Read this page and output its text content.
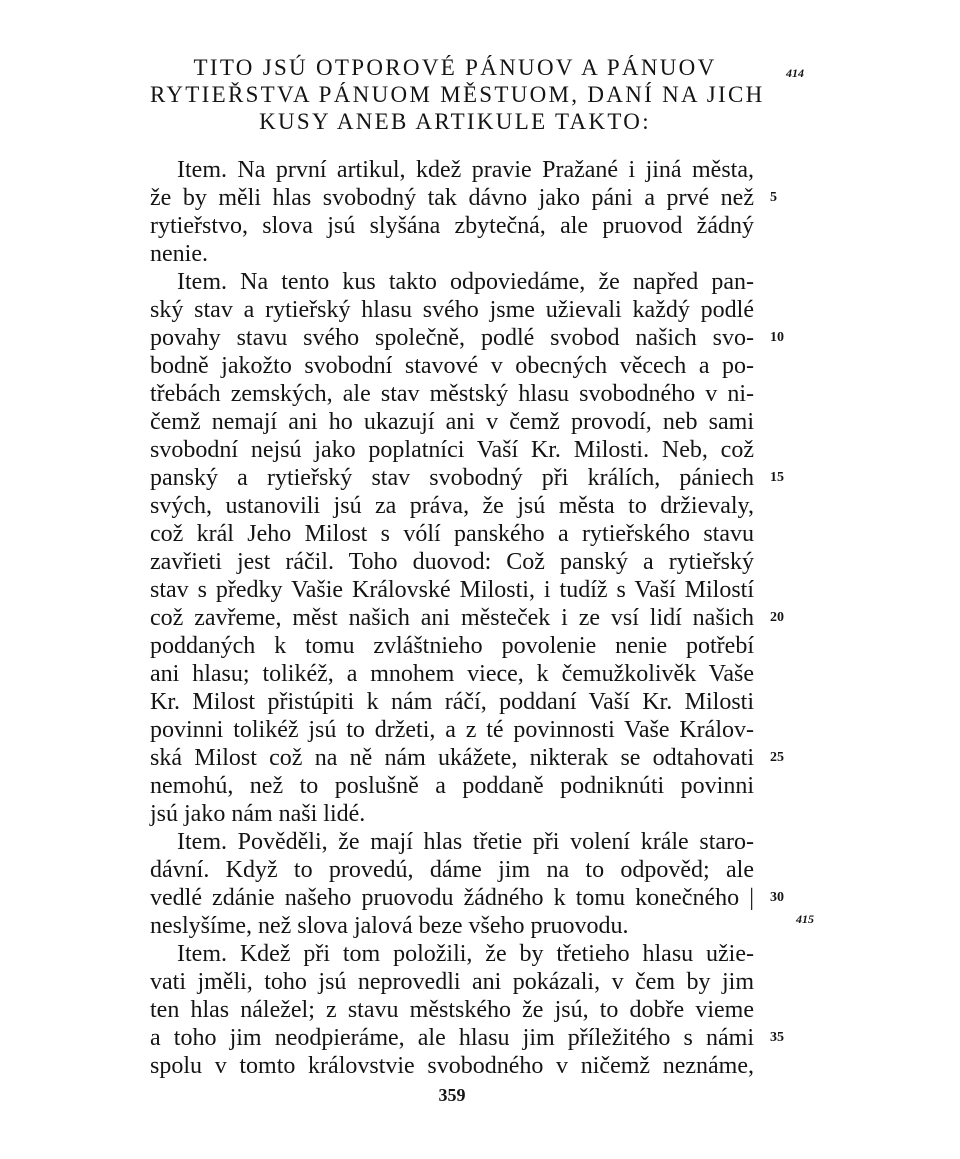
TITO JSÚ OTPOROVÉ PÁNUOV A PÁNUOV
RYTIEŘSTVA PÁNUOM MĚSTUOM, DANÍ NA JICH
KUSY ANEB ARTIKULE TAKTO:
414
Item. Na první artikul, kdež pravie Pražané i jiná města,
že by měli hlas svobodný tak dávno jako páni a prvé než
rytieřstvo, slova jsú slyšána zbytečná, ale pruovod žádný
nenie.
Item. Na tento kus takto odpoviedáme, že napřed pan-
ský stav a rytieřský hlasu svého jsme užievali každý podlé
povahy stavu svého společně, podlé svobod našich svo-
bodně jakožto svobodní stavové v obecných věcech a po-
třebách zemských, ale stav městský hlasu svobodného v ni-
čemž nemají ani ho ukazují ani v čemž provodí, neb sami
svobodní nejsú jako poplatníci Vaší Kr. Milosti. Neb, což
panský a rytieřský stav svobodný při králích, pániech
svých, ustanovili jsú za práva, že jsú města to držievaly,
což král Jeho Milost s vólí panského a rytieřského stavu
zavřieti jest ráčil. Toho duovod: Což panský a rytieřský
stav s předky Vašie Královské Milosti, i tudíž s Vaší Milostí
což zavřeme, měst našich ani městeček i ze vsí lidí našich
poddaných k tomu zvláštnieho povolenie nenie potřebí
ani hlasu; tolikéž, a mnohem viece, k čemužkolivěk Vaše
Kr. Milost přistúpiti k nám ráčí, poddaní Vaší Kr. Milosti
povinni tolikéž jsú to držeti, a z té povinnosti Vaše Králov-
ská Milost což na ně nám ukážete, nikterak se odtahovati
nemohú, než to poslušně a poddaně podniknúti povinni
jsú jako nám naši lidé.
Item. Pověděli, že mají hlas třetie při volení krále staro-
dávní. Když to provedú, dáme jim na to odpověd; ale
vedlé zdánie našeho pruovodu žádného k tomu konečného |
neslyšíme, než slova jalová beze všeho pruovodu.
Item. Kdež při tom položili, že by třetieho hlasu užie-
vati jměli, toho jsú neprovedli ani pokázali, v čem by jim
ten hlas náležel; z stavu městského že jsú, to dobře vieme
a toho jim neodpieráme, ale hlasu jim příležitého s námi
spolu v tomto královstvie svobodného v ničemž neznáme,
5
10
15
20
25
30
35
415
359
